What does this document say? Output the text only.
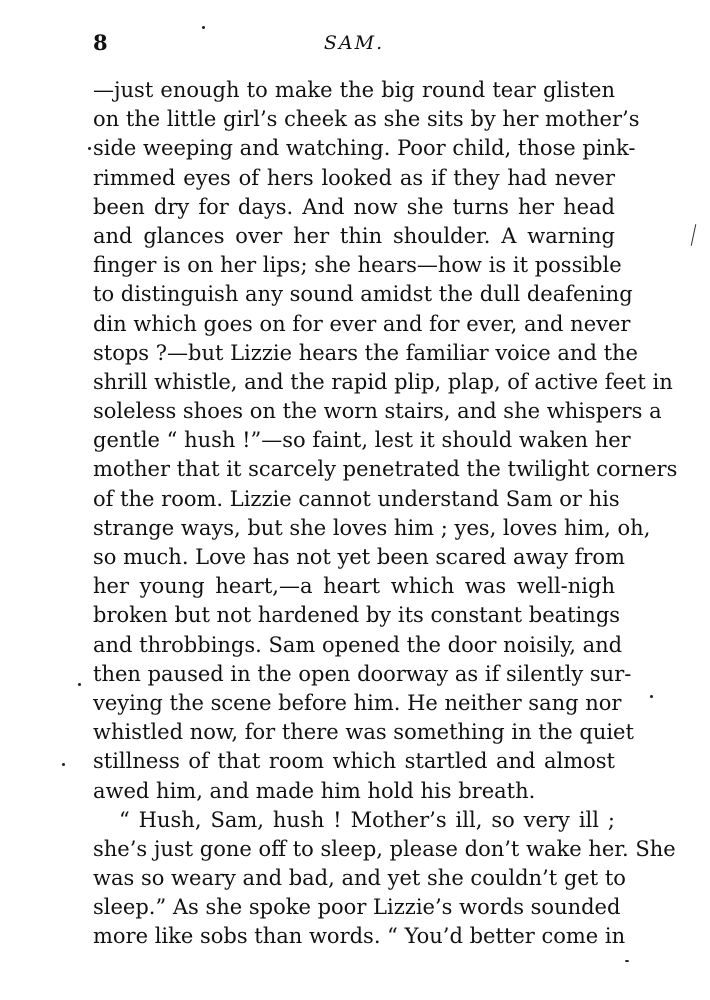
8	SAM.
—just enough to make the big round tear glisten
on the little girl’s cheek as she sits by her mother’s
side weeping and watching. Poor child, those pink-
rimmed eyes of hers looked as if they had never
been dry for days. And now she turns her head
and glances over her thin shoulder. A warning
finger is on her lips; she hears—how is it possible
to distinguish any sound amidst the dull deafening
din which goes on for ever and for ever, and never
stops ?—but Lizzie hears the familiar voice and the
shrill whistle, and the rapid plip, plap, of active feet in
soleless shoes on the worn stairs, and she whispers a
gentle “ hush !”—so faint, lest it should waken her
mother that it scarcely penetrated the twilight corners
of the room. Lizzie cannot understand Sam or his
strange ways, but she loves him ; yes, loves him, oh,
so much. Love has not yet been scared away from
her young heart,—a heart which was well-nigh
broken but not hardened by its constant beatings
and throbbings. Sam opened the door noisily, and
then paused in the open doorway as if silently sur-
veying the scene before him. He neither sang nor
whistled now, for there was something in the quiet
stillness of that room which startled and almost
awed him, and made him hold his breath.
“ Hush, Sam, hush ! Mother’s ill, so very ill ;
she’s just gone off to sleep, please don’t wake her. She
was so weary and bad, and yet she couldn’t get to
sleep.” As she spoke poor Lizzie’s words sounded
more like sobs than words. “ You’d better come in
